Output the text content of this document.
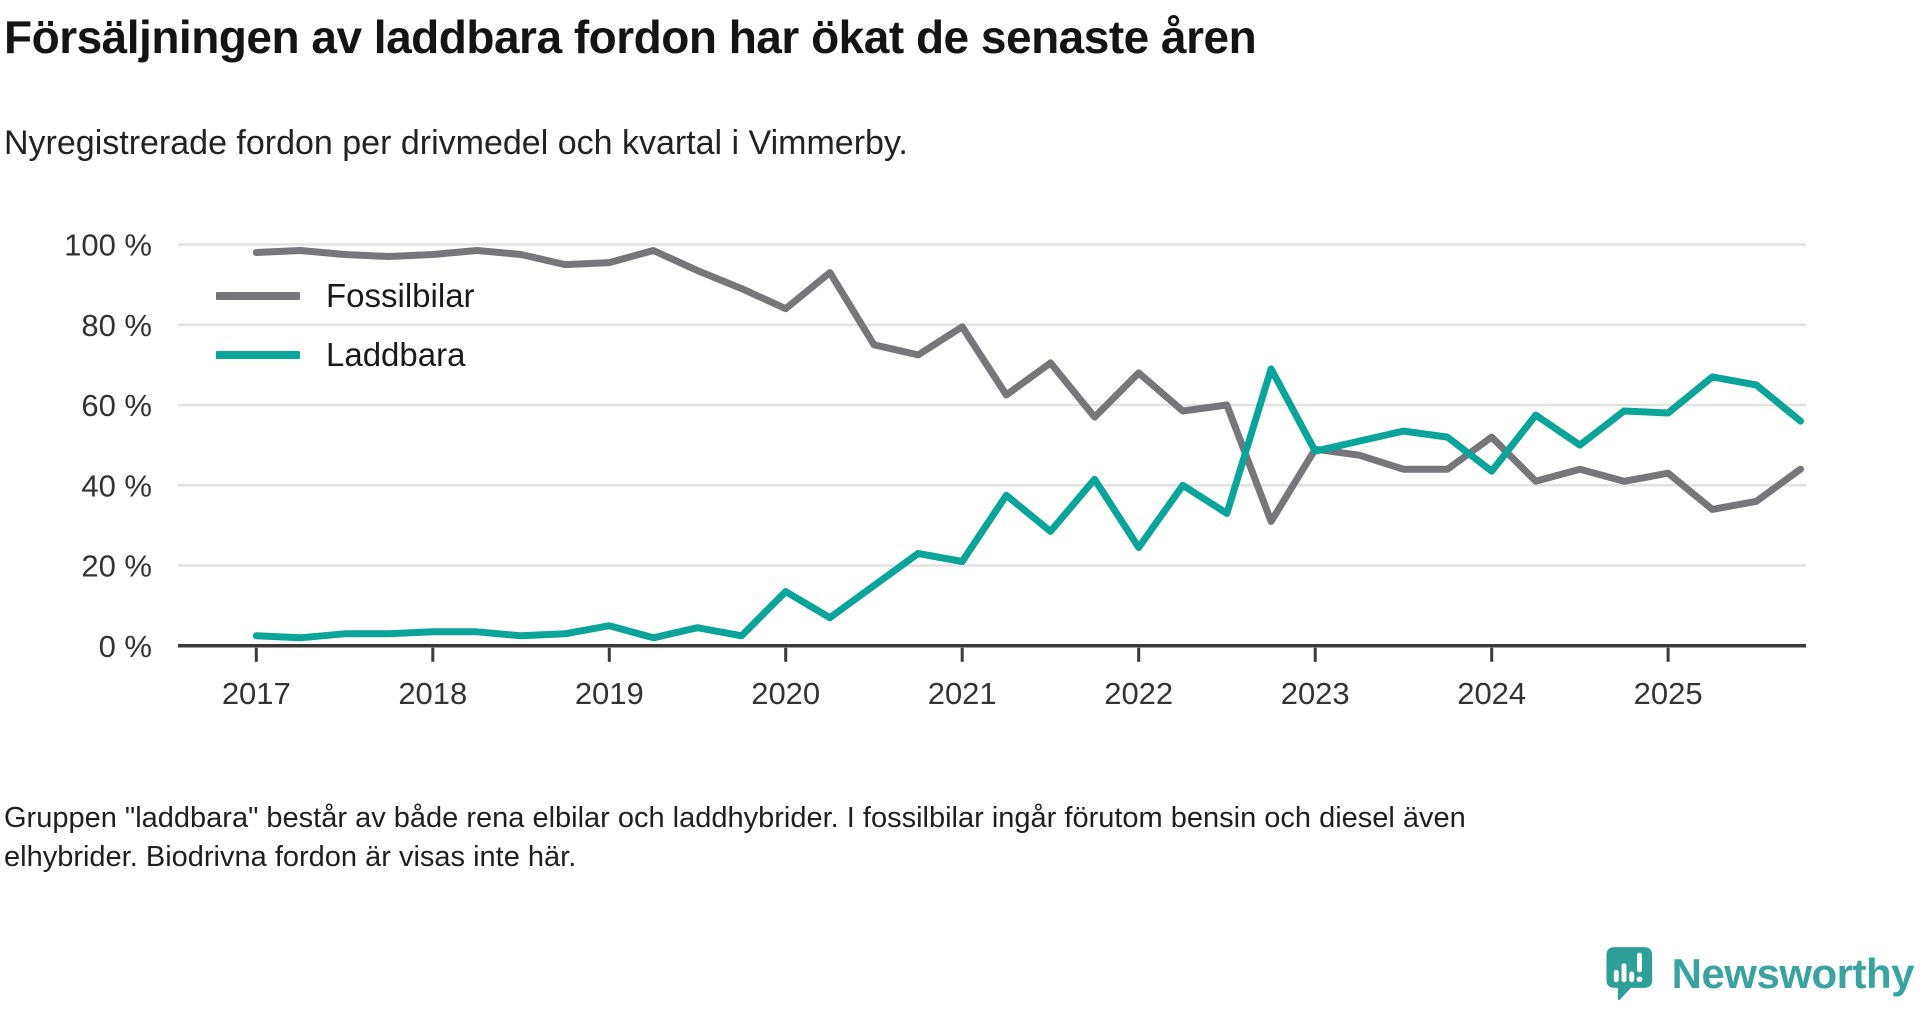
Försäljningen av laddbara fordon har ökat de senaste åren
Nyregistrerade fordon per drivmedel och kvartal i Vimmerby.
0 %
20 %
40 %
60 %
80 %
100 %
2017	2018	2019	2020	2021	2022	2023	2024	2025
Fossilbilar
Laddbara
Gruppen "laddbara" består av både rena elbilar och laddhybrider. I fossilbilar ingår förutom bensin och diesel även
elhybrider. Biodrivna fordon är visas inte här.
Newsworthy
